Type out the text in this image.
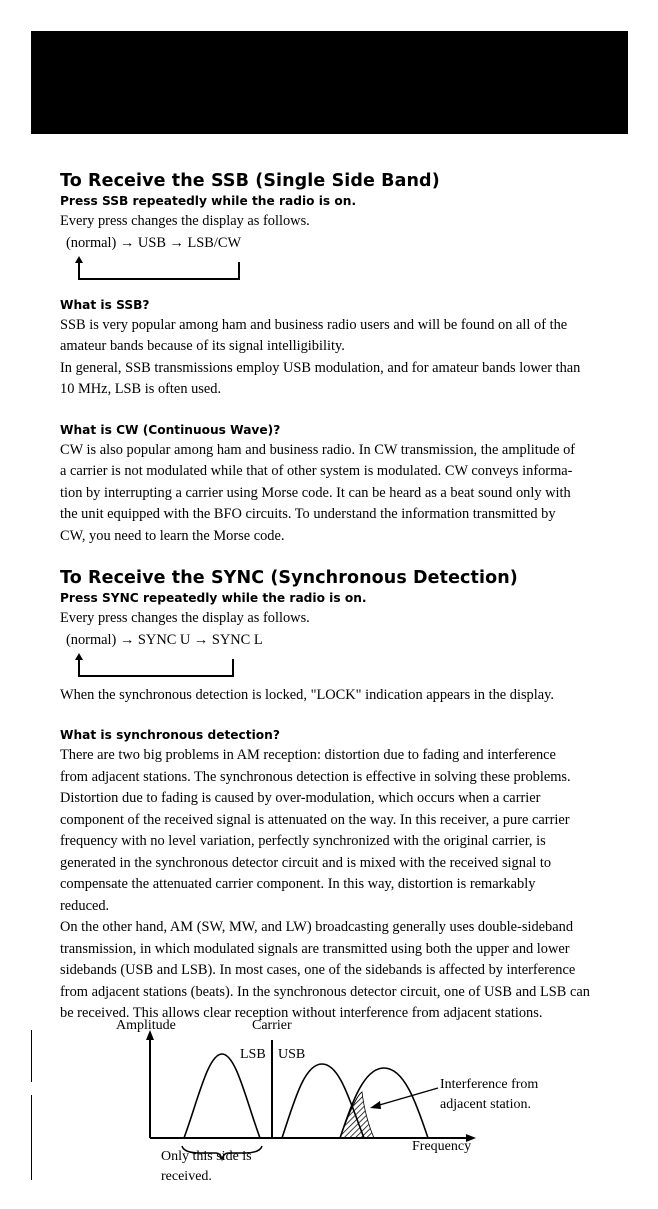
To Receive the SSB (Single Side Band)
Press SSB repeatedly while the radio is on.

Every press changes the display as follows.

(normal) → USB → LSB/CW
What is SSB?

SSB is very popular among ham and business radio users and will be found on all of the

amateur bands because of its signal intelligibility.

In general, SSB transmissions employ USB modulation, and for amateur bands lower than

10 MHz, LSB is often used.

What is CW (Continuous Wave)?

CW is also popular among ham and business radio. In CW transmission, the amplitude of

a carrier is not modulated while that of other system is modulated. CW conveys informa-

tion by interrupting a carrier using Morse code. It can be heard as a beat sound only with

the unit equipped with the BFO circuits. To understand the information transmitted by

CW, you need to learn the Morse code.

To Receive the SYNC (Synchronous Detection)
Press SYNC repeatedly while the radio is on.

Every press changes the display as follows.

(normal) → SYNC U → SYNC L

When the synchronous detection is locked, "LOCK" indication appears in the display.

What is synchronous detection?

There are two big problems in AM reception: distortion due to fading and interference

from adjacent stations. The synchronous detection is effective in solving these problems.

Distortion due to fading is caused by over-modulation, which occurs when a carrier

component of the received signal is attenuated on the way. In this receiver, a pure carrier

frequency with no level variation, perfectly synchronized with the original carrier, is

generated in the synchronous detector circuit and is mixed with the received signal to

compensate the attenuated carrier component. In this way, distortion is remarkably

reduced.

On the other hand, AM (SW, MW, and LW) broadcasting generally uses double-sideband

transmission, in which modulated signals are transmitted using both the upper and lower

sidebands (USB and LSB). In most cases, one of the sidebands is affected by interference

from adjacent stations (beats). In the synchronous detector circuit, one of USB and LSB can

be received. This allows clear reception without interference from adjacent stations.

Amplitude	Carrier
LSB USB
Interference from
adjacent station.
Frequency
Only this side is
received.
